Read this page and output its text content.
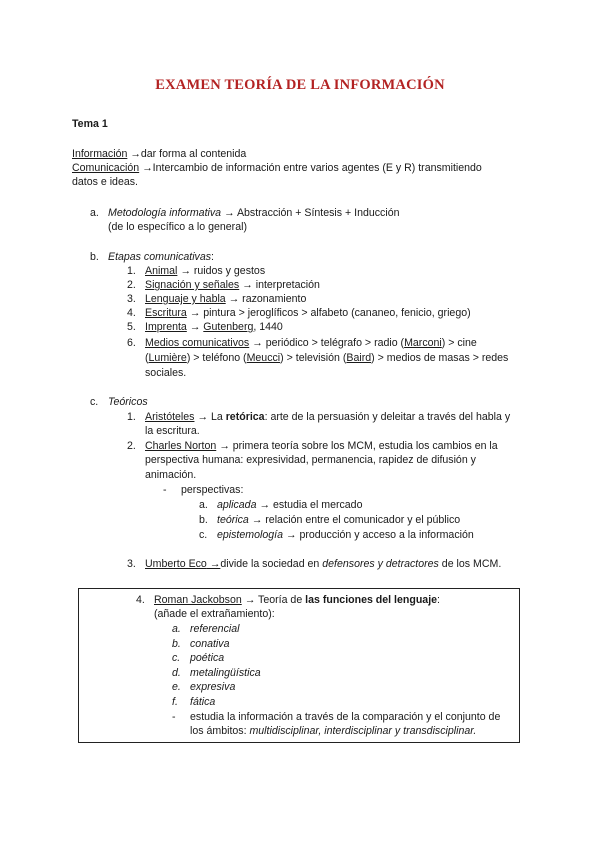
EXAMEN TEORÍA DE LA INFORMACIÓN
Tema 1
Información →dar forma al contenida
Comunicación →Intercambio de información entre varios agentes (E y R) transmitiendo
datos e ideas.
a. Metodología informativa → Abstracción + Síntesis + Inducción
(de lo específico a lo general)
b. Etapas comunicativas:
1. Animal → ruidos y gestos
2. Signación y señales → interpretación
3. Lenguaje y habla → razonamiento
4. Escritura → pintura > jeroglíficos > alfabeto (cananeo, fenicio, griego)
5. Imprenta → Gutenberg, 1440
6. Medios comunicativos → periódico > telégrafo > radio (Marconi) > cine
(Lumière) > teléfono (Meucci) > televisión (Baird) > medios de masas > redes
sociales.
c. Teóricos
1. Aristóteles → La retórica: arte de la persuasión y deleitar a través del habla y
la escritura.
2. Charles Norton → primera teoría sobre los MCM, estudia los cambios en la
perspectiva humana: expresividad, permanencia, rapidez de difusión y
animación.
- perspectivas:
a. aplicada → estudia el mercado
b. teórica → relación entre el comunicador y el público
c. epistemología → producción y acceso a la información
3. Umberto Eco →divide la sociedad en defensores y detractores de los MCM.
4. Roman Jackobson → Teoría de las funciones del lenguaje:
(añade el extrañamiento):
a. referencial
b. conativa
c. poética
d. metalingüística
e. expresiva
f. fática
- estudia la información a través de la comparación y el conjunto de
los ámbitos: multidisciplinar, interdisciplinar y transdisciplinar.
